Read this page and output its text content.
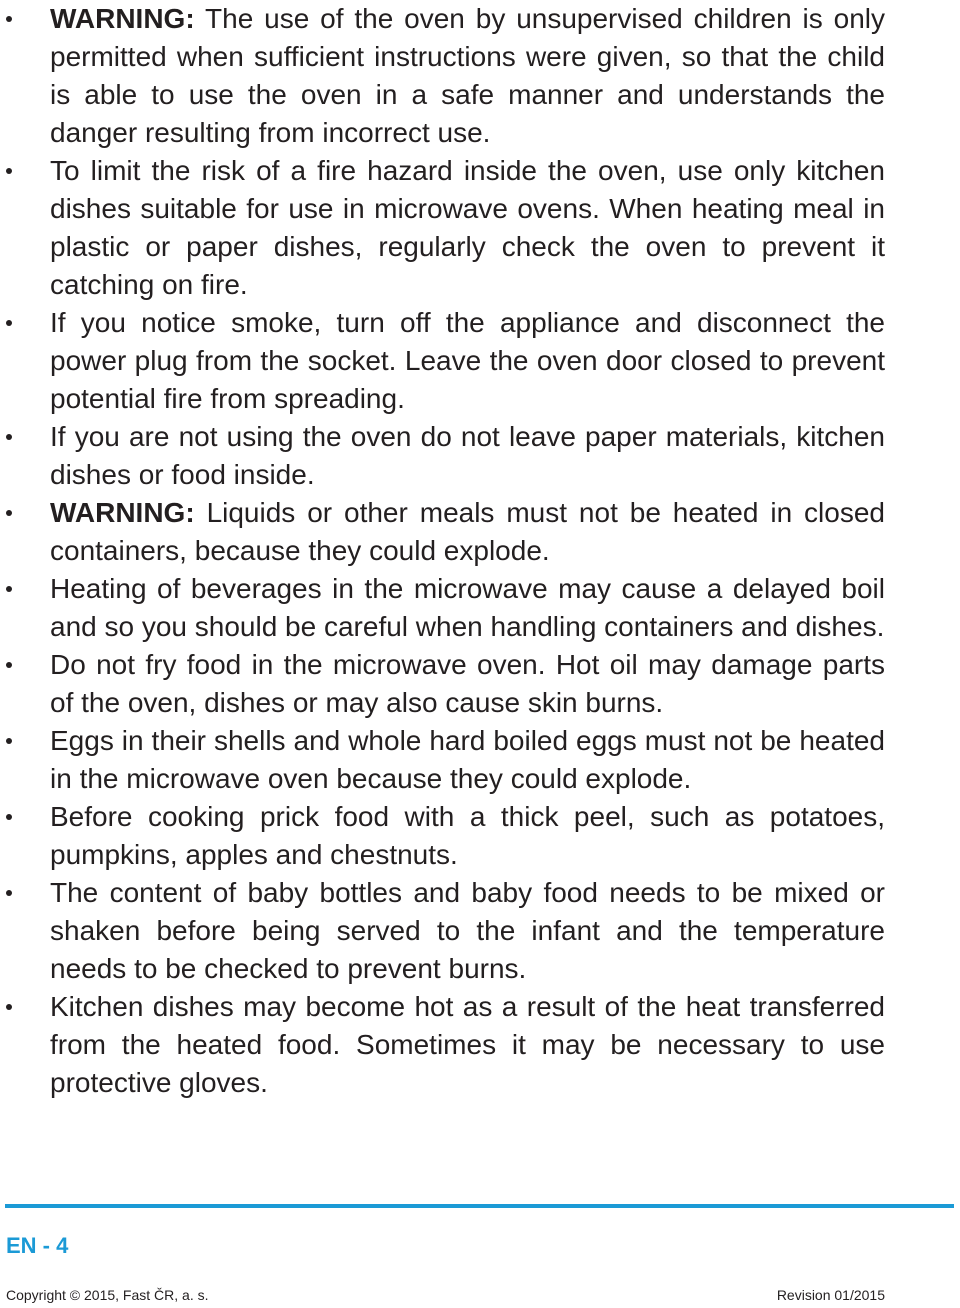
WARNING: The use of the oven by unsupervised children is only permitted when sufficient instructions were given, so that the child is able to use the oven in a safe manner and understands the danger resulting from incorrect use.
To limit the risk of a fire hazard inside the oven, use only kitchen dishes suitable for use in microwave ovens. When heating meal in plastic or paper dishes, regularly check the oven to prevent it catching on fire.
If you notice smoke, turn off the appliance and disconnect the power plug from the socket. Leave the oven door closed to prevent potential fire from spreading.
If you are not using the oven do not leave paper materials, kitchen dishes or food inside.
WARNING: Liquids or other meals must not be heated in closed containers, because they could explode.
Heating of beverages in the microwave may cause a delayed boil and so you should be careful when handling containers and dishes.
Do not fry food in the microwave oven. Hot oil may damage parts of the oven, dishes or may also cause skin burns.
Eggs in their shells and whole hard boiled eggs must not be heated in the microwave oven because they could explode.
Before cooking prick food with a thick peel, such as potatoes, pumpkins, apples and chestnuts.
The content of baby bottles and baby food needs to be mixed or shaken before being served to the infant and the temperature needs to be checked to prevent burns.
Kitchen dishes may become hot as a result of the heat transferred from the heated food. Sometimes it may be necessary to use protective gloves.
EN - 4
Copyright © 2015, Fast ČR, a. s.	Revision 01/2015
